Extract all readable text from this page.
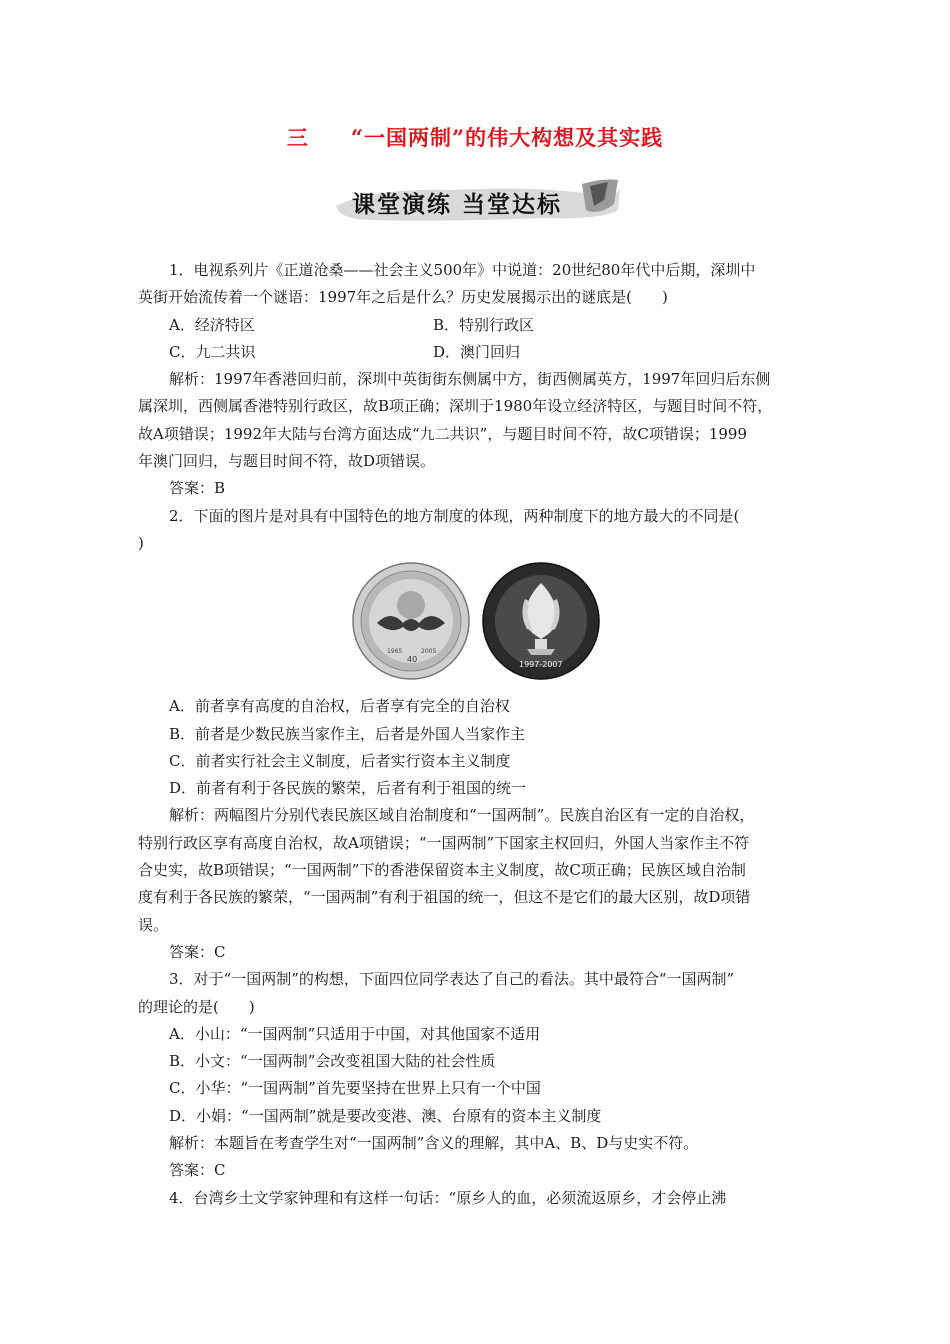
三 “一国两制”的伟大构想及其实践
课堂演练 当堂达标
1．电视系列片《正道沧桑——社会主义500年》中说道：20世纪80年代中后期，深圳中
英街开始流传着一个谜语：1997年之后是什么？历史发展揭示出的谜底是(　　)
A．经济特区	B．特别行政区
C．九二共识	D．澳门回归
解析：1997年香港回归前，深圳中英街街东侧属中方，街西侧属英方，1997年回归后东侧
属深圳，西侧属香港特别行政区，故B项正确；深圳于1980年设立经济特区，与题目时间不符，
故A项错误；1992年大陆与台湾方面达成“九二共识”，与题目时间不符，故C项错误；1999
年澳门回归，与题目时间不符，故D项错误。
答案：B
2．下面的图片是对具有中国特色的地方制度的体现，两种制度下的地方最大的不同是(
)
1965	2005
40
1997-2007
A．前者享有高度的自治权，后者享有完全的自治权
B．前者是少数民族当家作主，后者是外国人当家作主
C．前者实行社会主义制度，后者实行资本主义制度
D．前者有利于各民族的繁荣，后者有利于祖国的统一
解析：两幅图片分别代表民族区域自治制度和“一国两制”。民族自治区有一定的自治权，
特别行政区享有高度自治权，故A项错误；“一国两制”下国家主权回归，外国人当家作主不符
合史实，故B项错误；“一国两制”下的香港保留资本主义制度，故C项正确；民族区域自治制
度有利于各民族的繁荣，“一国两制”有利于祖国的统一，但这不是它们的最大区别，故D项错
误。
答案：C
3．对于“一国两制”的构想，下面四位同学表达了自己的看法。其中最符合“一国两制”
的理论的是(　　)
A．小山：“一国两制”只适用于中国，对其他国家不适用
B．小文：“一国两制”会改变祖国大陆的社会性质
C．小华：“一国两制”首先要坚持在世界上只有一个中国
D．小娟：“一国两制”就是要改变港、澳、台原有的资本主义制度
解析：本题旨在考查学生对“一国两制”含义的理解，其中A、B、D与史实不符。
答案：C
4．台湾乡土文学家钟理和有这样一句话：“原乡人的血，必须流返原乡，才会停止沸
